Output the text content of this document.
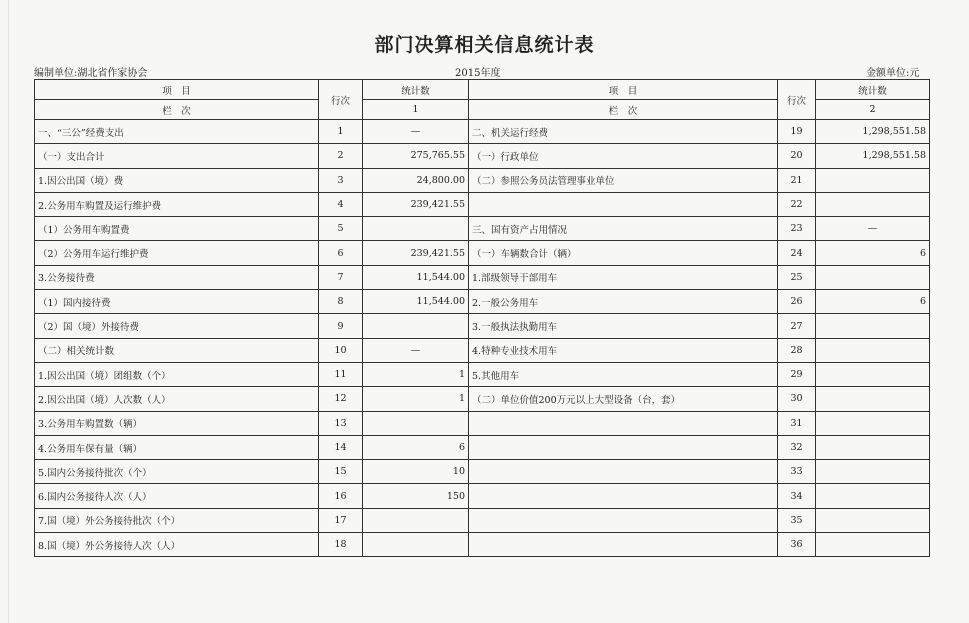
部门决算相关信息统计表
编制单位:湖北省作家协会	2015年度	金额单位:元
项　目	行次	统计数	项　目	行次	统计数
栏　次		1	栏　次		2
一、“三公”经费支出	1	—	二、机关运行经费	19	1,298,551.58
（一）支出合计	2	275,765.55	（一）行政单位	20	1,298,551.58
1.因公出国（境）费	3	24,800.00	（二）参照公务员法管理事业单位	21	
2.公务用车购置及运行维护费	4	239,421.55		22	
（1）公务用车购置费	5		三、国有资产占用情况	23	—
（2）公务用车运行维护费	6	239,421.55	（一）车辆数合计（辆）	24	6
3.公务接待费	7	11,544.00	1.部级领导干部用车	25	
（1）国内接待费	8	11,544.00	2.一般公务用车	26	6
（2）国（境）外接待费	9		3.一般执法执勤用车	27	
（二）相关统计数	10	—	4.特种专业技术用车	28	
1.因公出国（境）团组数（个）	11	1	5.其他用车	29	
2.因公出国（境）人次数（人）	12	1	（二）单位价值200万元以上大型设备（台，套）	30	
3.公务用车购置数（辆）	13			31	
4.公务用车保有量（辆）	14	6		32	
5.国内公务接待批次（个）	15	10		33	
6.国内公务接待人次（人）	16	150		34	
7.国（境）外公务接待批次（个）	17			35	
8.国（境）外公务接待人次（人）	18			36	
